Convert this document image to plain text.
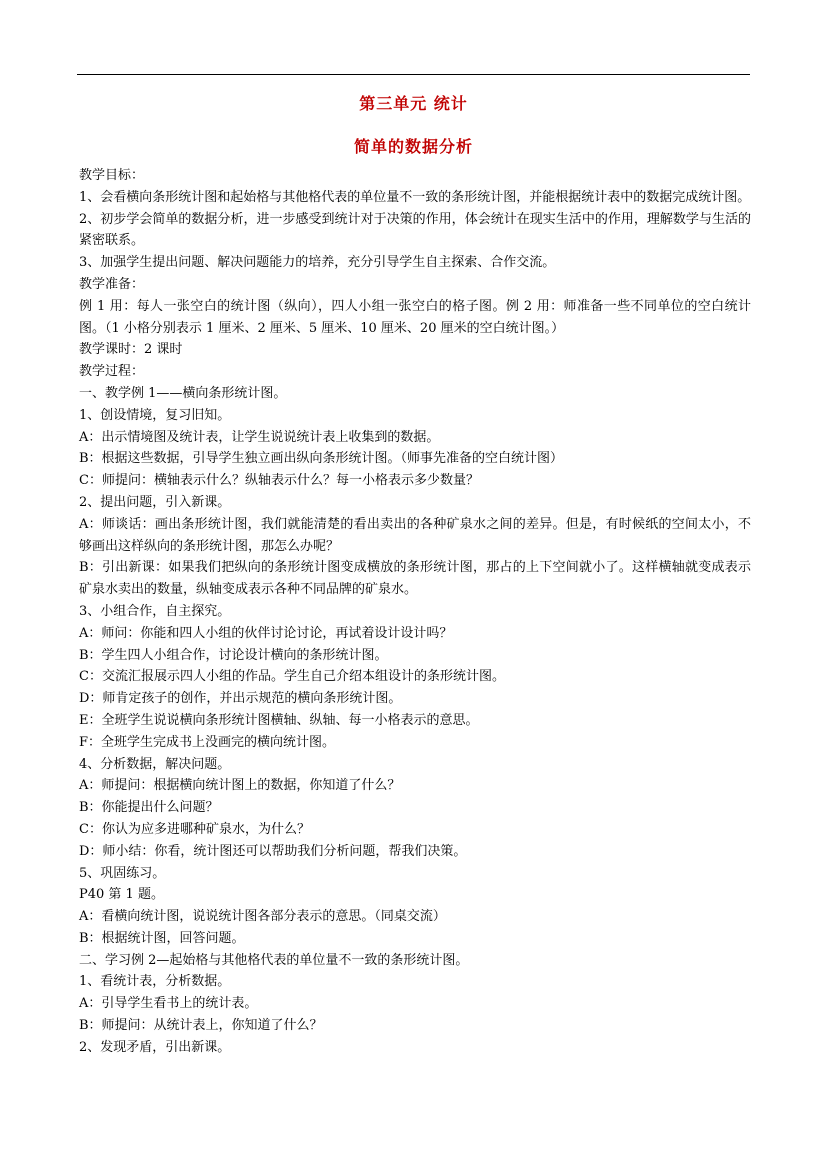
第三单元 统计
简单的数据分析
教学目标：
1、会看横向条形统计图和起始格与其他格代表的单位量不一致的条形统计图，并能根据统计表中的数据完成统计图。
2、初步学会简单的数据分析，进一步感受到统计对于决策的作用，体会统计在现实生活中的作用，理解数学与生活的紧密联系。
3、加强学生提出问题、解决问题能力的培养，充分引导学生自主探索、合作交流。
教学准备：
例 1 用：每人一张空白的统计图（纵向），四人小组一张空白的格子图。例 2 用：师准备一些不同单位的空白统计图。（1 小格分别表示 1 厘米、2 厘米、5 厘米、10 厘米、20 厘米的空白统计图。）
教学课时：2 课时
教学过程：
一、教学例 1——横向条形统计图。
1、创设情境，复习旧知。
A：出示情境图及统计表，让学生说说统计表上收集到的数据。
B：根据这些数据，引导学生独立画出纵向条形统计图。（师事先准备的空白统计图）
C：师提问：横轴表示什么？纵轴表示什么？每一小格表示多少数量？
2、提出问题，引入新课。
A：师谈话：画出条形统计图，我们就能清楚的看出卖出的各种矿泉水之间的差异。但是，有时候纸的空间太小，不够画出这样纵向的条形统计图，那怎么办呢？
B：引出新课：如果我们把纵向的条形统计图变成横放的条形统计图，那占的上下空间就小了。这样横轴就变成表示矿泉水卖出的数量，纵轴变成表示各种不同品牌的矿泉水。
3、小组合作，自主探究。
A：师问：你能和四人小组的伙伴讨论讨论，再试着设计设计吗？
B：学生四人小组合作，讨论设计横向的条形统计图。
C：交流汇报展示四人小组的作品。学生自己介绍本组设计的条形统计图。
D：师肯定孩子的创作，并出示规范的横向条形统计图。
E：全班学生说说横向条形统计图横轴、纵轴、每一小格表示的意思。
F：全班学生完成书上没画完的横向统计图。
4、分析数据，解决问题。
A：师提问：根据横向统计图上的数据，你知道了什么？
B：你能提出什么问题？
C：你认为应多进哪种矿泉水，为什么？
D：师小结：你看，统计图还可以帮助我们分析问题，帮我们决策。
5、巩固练习。
P40 第 1 题。
A：看横向统计图，说说统计图各部分表示的意思。（同桌交流）
B：根据统计图，回答问题。
二、学习例 2—起始格与其他格代表的单位量不一致的条形统计图。
1、看统计表，分析数据。
A：引导学生看书上的统计表。
B：师提问：从统计表上，你知道了什么？
2、发现矛盾，引出新课。
